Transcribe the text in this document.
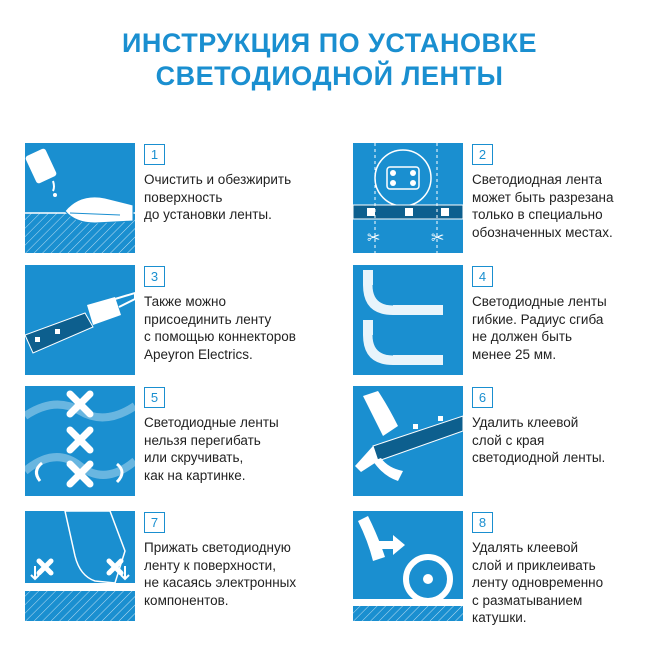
ИНСТРУКЦИЯ ПО УСТАНОВКЕ
СВЕТОДИОДНОЙ ЛЕНТЫ
1
Очистить и обезжирить
поверхность
до установки ленты.
✂	✂
2
Светодиодная лента
может быть разрезана
только в специально
обозначенных местах.
3
Также можно
присоединить ленту
с помощью коннекторов
Apeyron Electrics.
4
Светодиодные ленты
гибкие. Радиус сгиба
не должен быть
менее 25 мм.
5
Светодиодные ленты
нельзя перегибать
или скручивать,
как на картинке.
6
Удалить клеевой
слой с края
светодиодной ленты.
7
Прижать светодиодную
ленту к поверхности,
не касаясь электронных
компонентов.
8
Удалять клеевой
слой и приклеивать
ленту одновременно
с разматыванием
катушки.
